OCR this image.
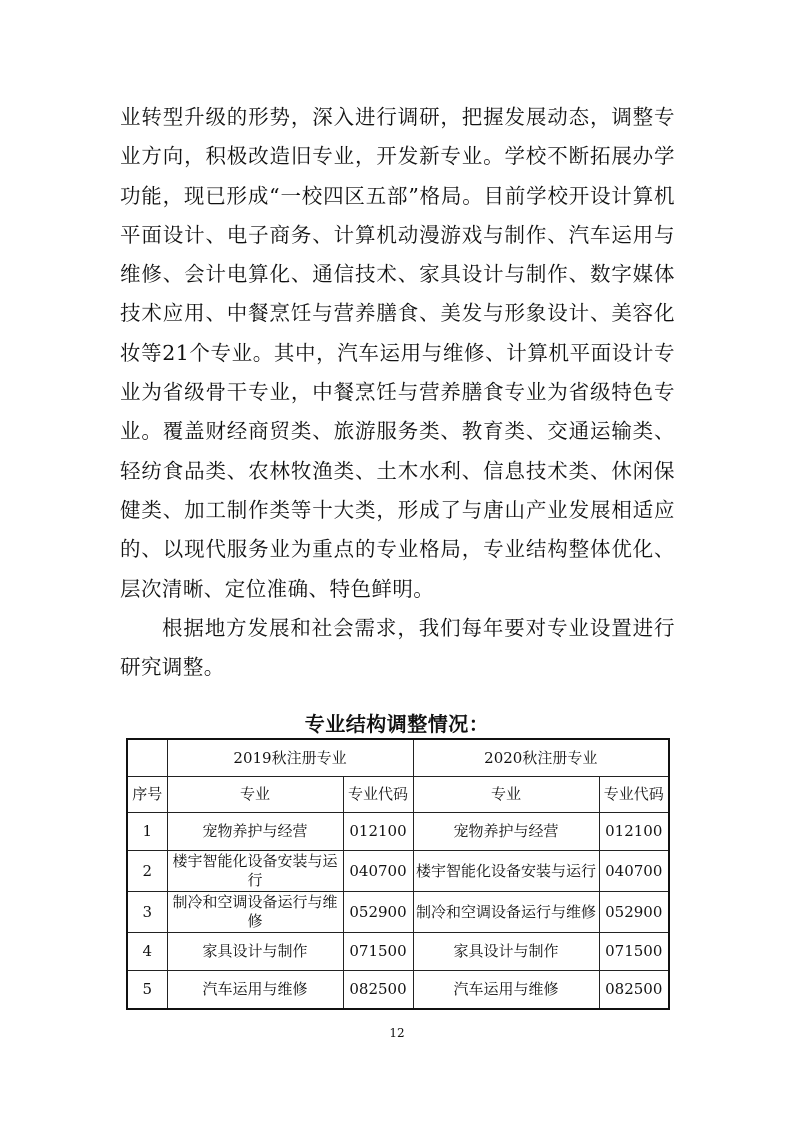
业转型升级的形势，深入进行调研，把握发展动态，调整专业方向，积极改造旧专业，开发新专业。学校不断拓展办学功能，现已形成“一校四区五部”格局。目前学校开设计算机平面设计、电子商务、计算机动漫游戏与制作、汽车运用与维修、会计电算化、通信技术、家具设计与制作、数字媒体技术应用、中餐烹饪与营养膳食、美发与形象设计、美容化妆等21个专业。其中，汽车运用与维修、计算机平面设计专业为省级骨干专业，中餐烹饪与营养膳食专业为省级特色专业。覆盖财经商贸类、旅游服务类、教育类、交通运输类、轻纺食品类、农林牧渔类、土木水利、信息技术类、休闲保健类、加工制作类等十大类，形成了与唐山产业发展相适应的、以现代服务业为重点的专业格局，专业结构整体优化、层次清晰、定位准确、特色鲜明。

根据地方发展和社会需求，我们每年要对专业设置进行研究调整。

专业结构调整情况：
	2019秋注册专业		2020秋注册专业	
序号	专业	专业代码	专业	专业代码
1	宠物养护与经营	012100	宠物养护与经营	012100
2	楼宇智能化设备安装与运行	040700	楼宇智能化设备安装与运行	040700
3	制冷和空调设备运行与维修	052900	制冷和空调设备运行与维修	052900
4	家具设计与制作	071500	家具设计与制作	071500
5	汽车运用与维修	082500	汽车运用与维修	082500
12
